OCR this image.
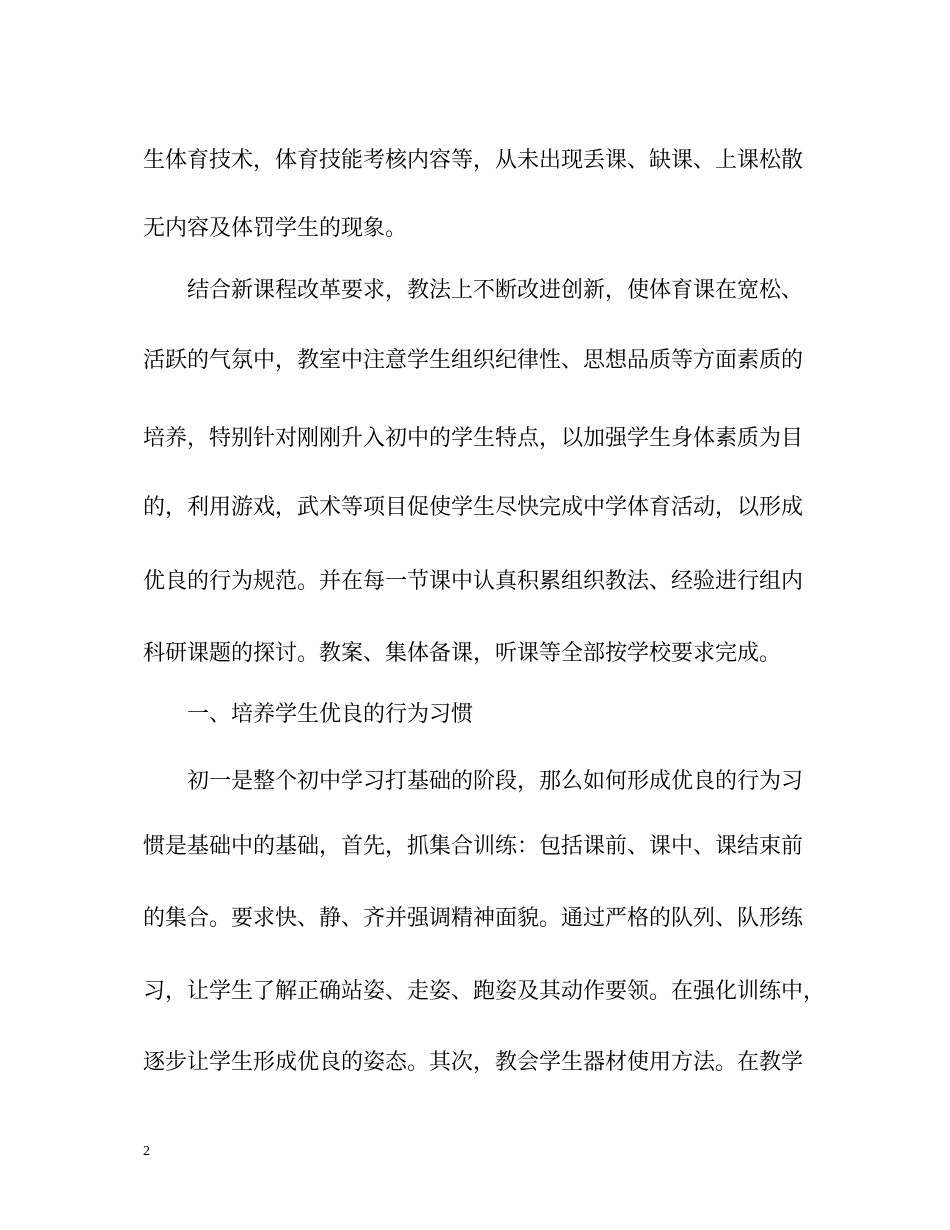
生体育技术，体育技能考核内容等，从未出现丢课、缺课、上课松散
无内容及体罚学生的现象。
结合新课程改革要求，教法上不断改进创新，使体育课在宽松、
活跃的气氛中，教室中注意学生组织纪律性、思想品质等方面素质的
培养，特别针对刚刚升入初中的学生特点，以加强学生身体素质为目
的，利用游戏，武术等项目促使学生尽快完成中学体育活动，以形成
优良的行为规范。并在每一节课中认真积累组织教法、经验进行组内
科研课题的探讨。教案、集体备课，听课等全部按学校要求完成。
一、培养学生优良的行为习惯
初一是整个初中学习打基础的阶段，那么如何形成优良的行为习
惯是基础中的基础，首先，抓集合训练：包括课前、课中、课结束前
的集合。要求快、静、齐并强调精神面貌。通过严格的队列、队形练
习，让学生了解正确站姿、走姿、跑姿及其动作要领。在强化训练中，
逐步让学生形成优良的姿态。其次，教会学生器材使用方法。在教学
2
